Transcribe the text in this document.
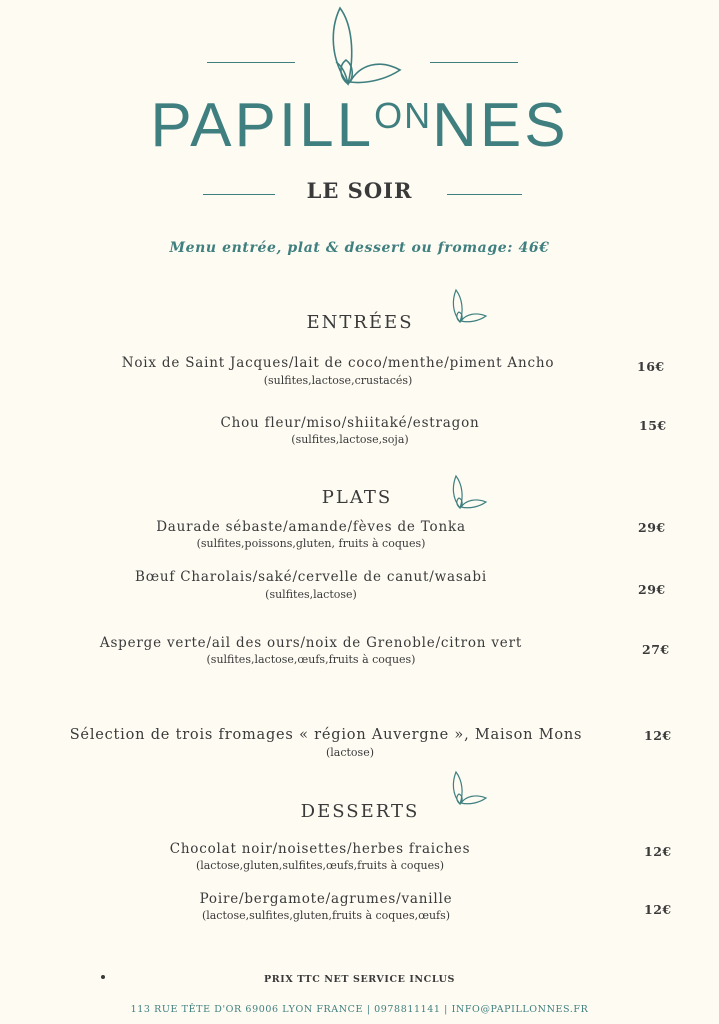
$PAPILL^{ON}NES$
LE SOIR
Menu entrée, plat & dessert ou fromage: 46€
ENTRÉES
Noix de Saint Jacques/lait de coco/menthe/piment Ancho
(sulfites,lactose,crustacés)
16€
Chou fleur/miso/shiitaké/estragon
(sulfites,lactose,soja)
15€
PLATS
Daurade sébaste/amande/fèves de Tonka
(sulfites,poissons,gluten, fruits à coques)
29€
Bœuf Charolais/saké/cervelle de canut/wasabi
(sulfites,lactose)	29€
Asperge verte/ail des ours/noix de Grenoble/citron vert
(sulfites,lactose,œufs,fruits à coques)
27€
Sélection de trois fromages « région Auvergne », Maison Mons
(lactose)
12€
DESSERTS
Chocolat noir/noisettes/herbes fraiches
(lactose,gluten,sulfites,œufs,fruits à coques)
12€
Poire/bergamote/agrumes/vanille
(lactose,sulfites,gluten,fruits à coques,œufs)	12€
PRIX TTC NET SERVICE INCLUS
113 RUE TÊTE D'OR 69006 LYON FRANCE | 0978811141 | INFO@PAPILLONNES.FR
